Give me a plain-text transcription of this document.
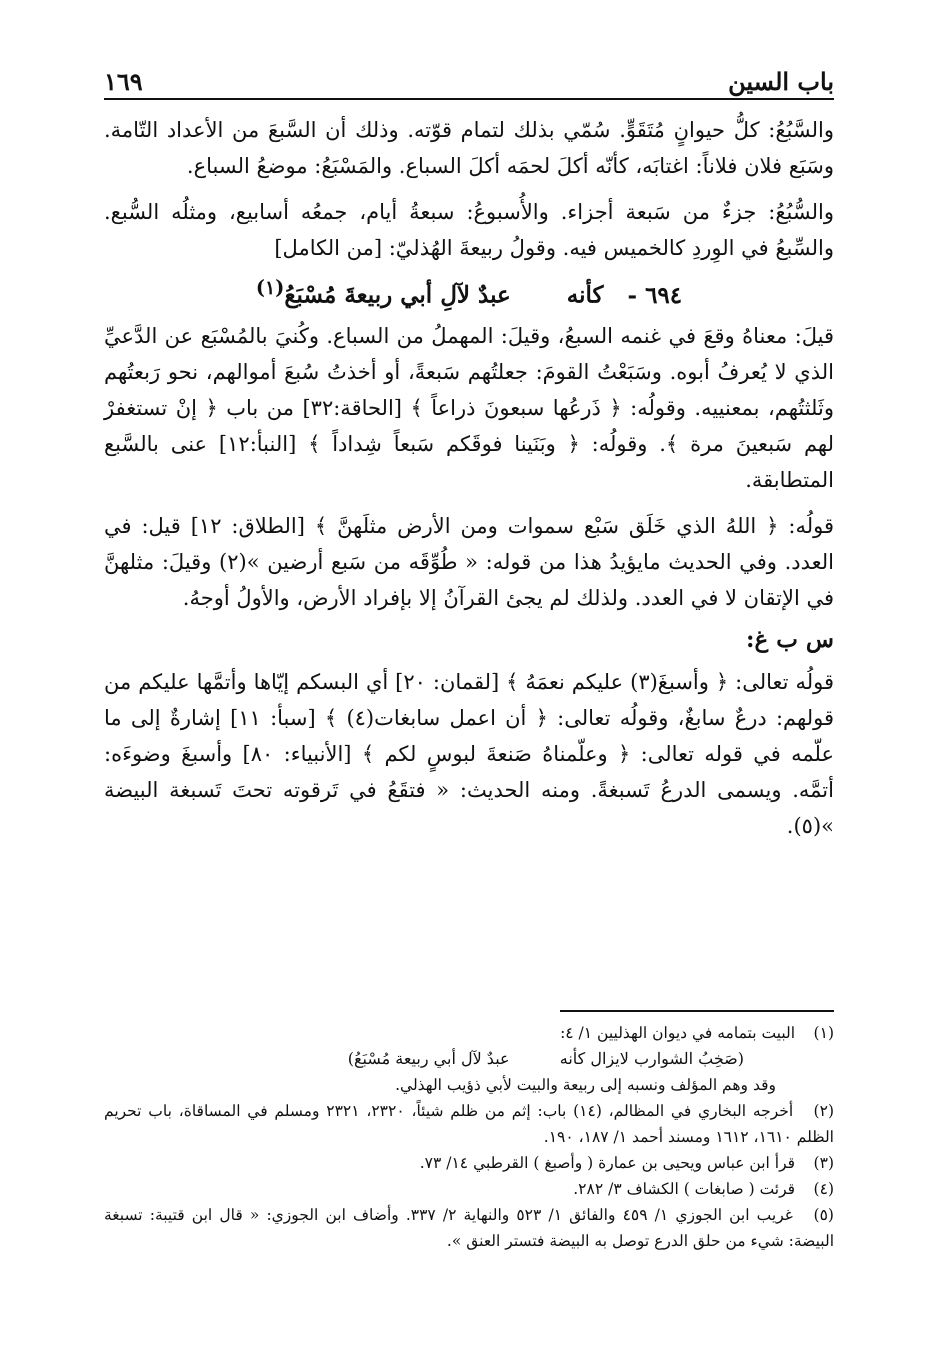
باب السين
١٦٩

والسَّبُعُ: كلُّ حيوانٍ مُتَقَوٍّ. سُمّي بذلك لتمام قوّته. وذلك أن السَّبعَ من الأعداد التّامة. وسَبَع فلان فلاناً: اغتابَه، كأنّه أكلَ لحمَه أكلَ السباع. والمَسْبَعُ: موضعُ السباع.

والسُّبُعُ: جزءٌ من سَبعة أجزاء. والأُسبوعُ: سبعةُ أيام، جمعُه أسابيع، ومثلُه السُّبع. والسِّبعُ في الوِردِ كالخميس فيه. وقولُ ربيعةَ الهُذليّ: [من الكامل]

٦٩٤ - كأنه  عبدٌ لآلِ أبي ربيعةَ مُسْبَعُ$^{(١)}$

قيلَ: معناهُ وقعَ في غنمه السبعُ، وقيلَ: المهملُ من السباع. وكُنيَ بالمُسْبَع عن الدَّعيِّ الذي لا يُعرفُ أبوه. وسَبَعْتُ القومَ: جعلتُهم سَبعةً، أو أخذتُ سُبعَ أموالهم، نحو رَبعتُهم وثَلثتُهم، بمعنييه. وقولُه: ﴿ ذَرعُها سبعونَ ذراعاً ﴾ [الحاقة:٣٢] من باب ﴿ إنْ تستغفرْ لهم سَبعينَ مرة ﴾. وقولُه: ﴿ وبَنَينا فوقَكم سَبعاً شِداداً ﴾ [النبأ:١٢] عنى بالسَّبع المتطابقة.

قولُه: ﴿ اللهُ الذي خَلَق سَبْع سموات ومن الأرض مثلَهنَّ ﴾ [الطلاق: ١٢] قيل: في العدد. وفي الحديث مايؤيدُ هذا من قوله: « طُوِّقَه من سَبع أرضين »(٢) وقيلَ: مثلهنَّ في الإتقان لا في العدد. ولذلك لم يجئ القرآنُ إلا بإفراد الأرض، والأولُ أوجهُ.

س ب غ:

قولُه تعالى: ﴿ وأسبغَ(٣) عليكم نعمَهُ ﴾ [لقمان: ٢٠] أي البسكم إيّاها وأتمَّها عليكم من قولهم: درعٌ سابغٌ، وقولُه تعالى: ﴿ أن اعمل سابغات(٤) ﴾ [سبأ: ١١] إشارةٌ إلى ما علّمه في قوله تعالى: ﴿ وعلّمناهُ صَنعةَ لبوسٍ لكم ﴾ [الأنبياء: ٨٠] وأسبغَ وضوءَه: أتمَّه. ويسمى الدرعُ تَسبغةً. ومنه الحديث: « فتقَعُ في تَرقوته تحتَ تَسبغة البيضة »(٥).

(١) البيت بتمامه في ديوان الهذليين ١/ ٤:

(صَخِبُ الشوارب لايزال كأنه  عبدٌ لآل أبي ربيعة مُسْبَعُ)

وقد وهم المؤلف ونسبه إلى ربيعة والبيت لأبي ذؤيب الهذلي.

(٢) أخرجه البخاري في المظالم، (١٤) باب: إثم من ظلم شيئاً، ٢٣٢٠، ٢٣٢١ ومسلم في المساقاة، باب تحريم الظلم ١٦١٠، ١٦١٢ ومسند أحمد ١/ ١٨٧، ١٩٠.

(٣) قرأ ابن عباس ويحيى بن عمارة ( وأصبغ ) القرطبي ١٤/ ٧٣.

(٤) قرئت ( صابغات ) الكشاف ٣/ ٢٨٢.

(٥) غريب ابن الجوزي ١/ ٤٥٩ والفائق ١/ ٥٢٣ والنهاية ٢/ ٣٣٧. وأضاف ابن الجوزي: « قال ابن قتيبة: تسبغة البيضة: شيء من حلق الدرع توصل به البيضة فتستر العنق ».
